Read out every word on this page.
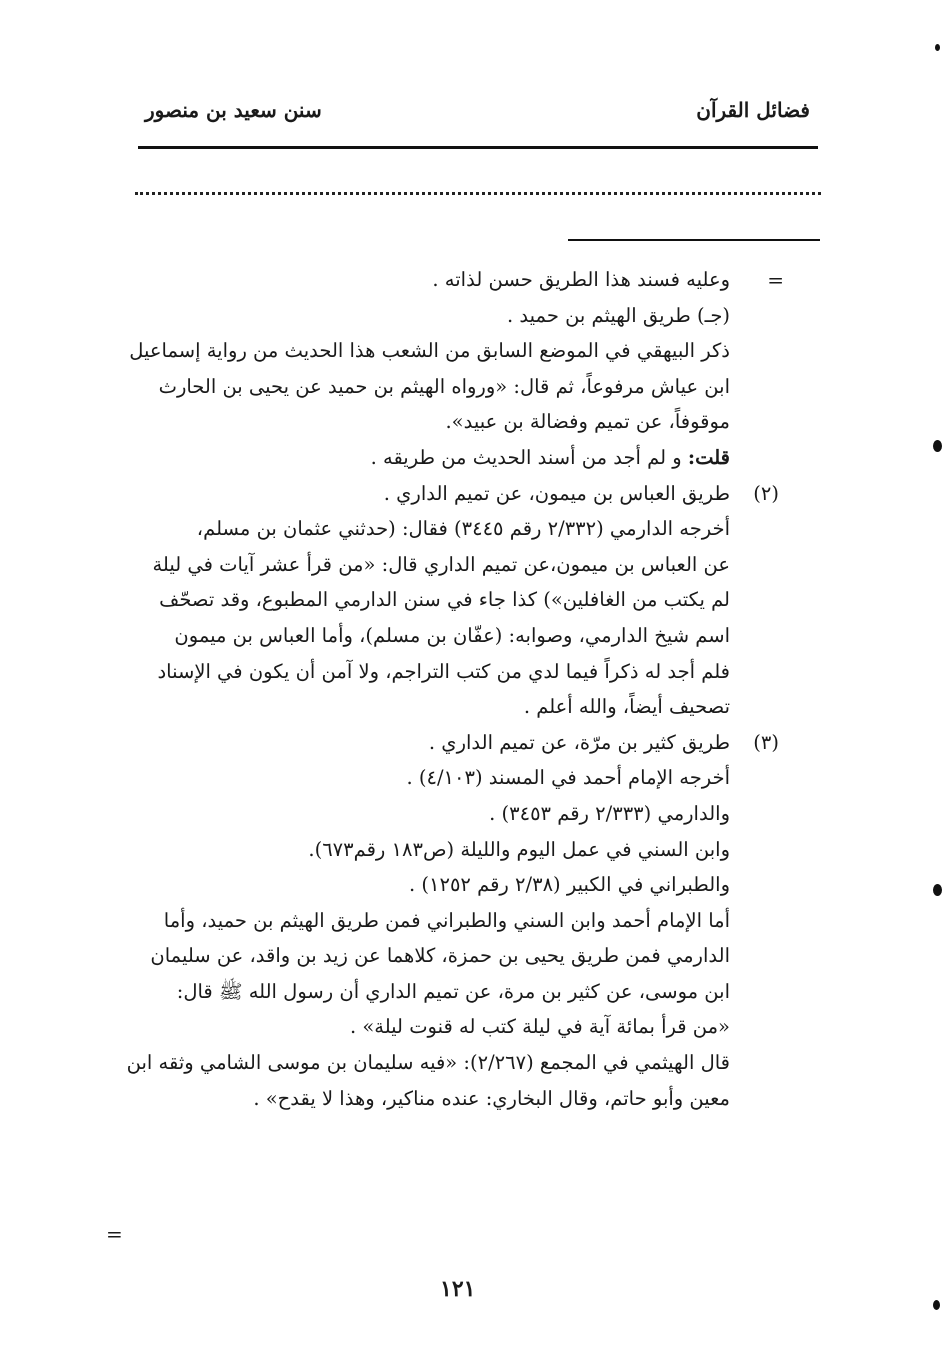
فضائل القرآن
سنن سعيد بن منصور
=
وعليه فسند هذا الطريق حسن لذاته .
(جـ) طريق الهيثم بن حميد .
ذكر البيهقي في الموضع السابق من الشعب هذا الحديث من رواية إسماعيل
ابن عياش مرفوعاً، ثم قال: «ورواه الهيثم بن حميد عن يحيى بن الحارث
موقوفاً، عن تميم وفضالة بن عبيد».
قلت: و لم أجد من أسند الحديث من طريقه .
(٢)طريق العباس بن ميمون، عن تميم الداري .
أخرجه الدارمي (٢/٣٣٢ رقم ٣٤٤٥) فقال: (حدثني عثمان بن مسلم،
عن العباس بن ميمون،عن تميم الداري قال: «من قرأ عشر آيات في ليلة
لم يكتب من الغافلين») كذا جاء في سنن الدارمي المطبوع، وقد تصحّف
اسم شيخ الدارمي، وصوابه: (عفّان بن مسلم)، وأما العباس بن ميمون
فلم أجد له ذكراً فيما لدي من كتب التراجم، ولا آمن أن يكون في الإسناد
تصحيف أيضاً، والله أعلم .
(٣)طريق كثير بن مرّة، عن تميم الداري .
أخرجه الإمام أحمد في المسند (٤/١٠٣) .
والدارمي (٢/٣٣٣ رقم ٣٤٥٣) .
وابن السني في عمل اليوم والليلة (ص١٨٣ رقم٦٧٣).
والطبراني في الكبير (٢/٣٨ رقم ١٢٥٢) .
أما الإمام أحمد وابن السني والطبراني فمن طريق الهيثم بن حميد، وأما
الدارمي فمن طريق يحيى بن حمزة، كلاهما عن زيد بن واقد، عن سليمان
ابن موسى، عن كثير بن مرة، عن تميم الداري أن رسول الله ﷺ قال:
«من قرأ بمائة آية في ليلة كتب له قنوت ليلة» .
قال الهيثمي في المجمع (٢/٢٦٧): «فيه سليمان بن موسى الشامي وثقه ابن
معين وأبو حاتم، وقال البخاري: عنده مناكير، وهذا لا يقدح» .
=
١٢١
